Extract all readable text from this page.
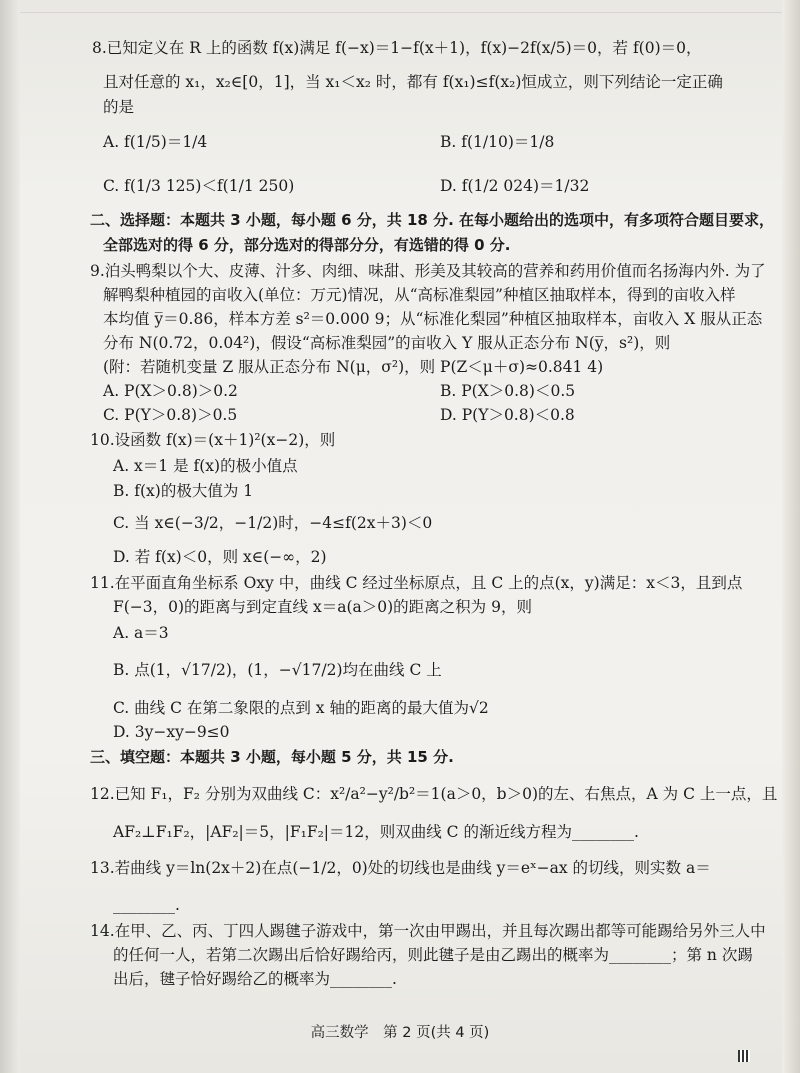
8.已知定义在 R 上的函数 f(x)满足 f(−x)＝1−f(x＋1)，f(x)−2f(x/5)＝0，若 f(0)＝0，
且对任意的 x₁，x₂∈[0，1]，当 x₁＜x₂ 时，都有 f(x₁)≤f(x₂)恒成立，则下列结论一定正确
的是
A. f(1/5)＝1/4	B. f(1/10)＝1/8
C. f(1/3 125)＜f(1/1 250)	D. f(1/2 024)＝1/32
二、选择题：本题共 3 小题，每小题 6 分，共 18 分. 在每小题给出的选项中，有多项符合题目要求，
全部选对的得 6 分，部分选对的得部分分，有选错的得 0 分.
9.泊头鸭梨以个大、皮薄、汁多、肉细、味甜、形美及其较高的营养和药用价值而名扬海内外. 为了
解鸭梨种植园的亩收入(单位：万元)情况，从“高标准梨园”种植区抽取样本，得到的亩收入样
本均值 y̅＝0.86，样本方差 s²＝0.000 9；从“标准化梨园”种植区抽取样本，亩收入 X 服从正态
分布 N(0.72，0.04²)，假设“高标准梨园”的亩收入 Y 服从正态分布 N(y̅，s²)，则
(附：若随机变量 Z 服从正态分布 N(μ，σ²)，则 P(Z＜μ＋σ)≈0.841 4)
A. P(X＞0.8)＞0.2	B. P(X＞0.8)＜0.5
C. P(Y＞0.8)＞0.5	D. P(Y＞0.8)＜0.8
10.设函数 f(x)＝(x＋1)²(x−2)，则
A. x＝1 是 f(x)的极小值点
B. f(x)的极大值为 1
C. 当 x∈(−3/2，−1/2)时，−4≤f(2x＋3)＜0
D. 若 f(x)＜0，则 x∈(−∞，2)
11.在平面直角坐标系 Oxy 中，曲线 C 经过坐标原点，且 C 上的点(x，y)满足：x＜3，且到点
F(−3，0)的距离与到定直线 x＝a(a＞0)的距离之积为 9，则
A. a＝3
B. 点(1，√17/2)，(1，−√17/2)均在曲线 C 上
C. 曲线 C 在第二象限的点到 x 轴的距离的最大值为√2
D. 3y−xy−9≤0
三、填空题：本题共 3 小题，每小题 5 分，共 15 分.
12.已知 F₁，F₂ 分别为双曲线 C：x²/a²−y²/b²＝1(a＞0，b＞0)的左、右焦点，A 为 C 上一点，且
AF₂⊥F₁F₂，|AF₂|＝5，|F₁F₂|＝12，则双曲线 C 的渐近线方程为________.
13.若曲线 y＝ln(2x＋2)在点(−1/2，0)处的切线也是曲线 y＝eˣ−ax 的切线，则实数 a＝
________.
14.在甲、乙、丙、丁四人踢毽子游戏中，第一次由甲踢出，并且每次踢出都等可能踢给另外三人中
的任何一人，若第二次踢出后恰好踢给丙，则此毽子是由乙踢出的概率为________；第 n 次踢
出后，毽子恰好踢给乙的概率为________.
高三数学　第 2 页(共 4 页)
